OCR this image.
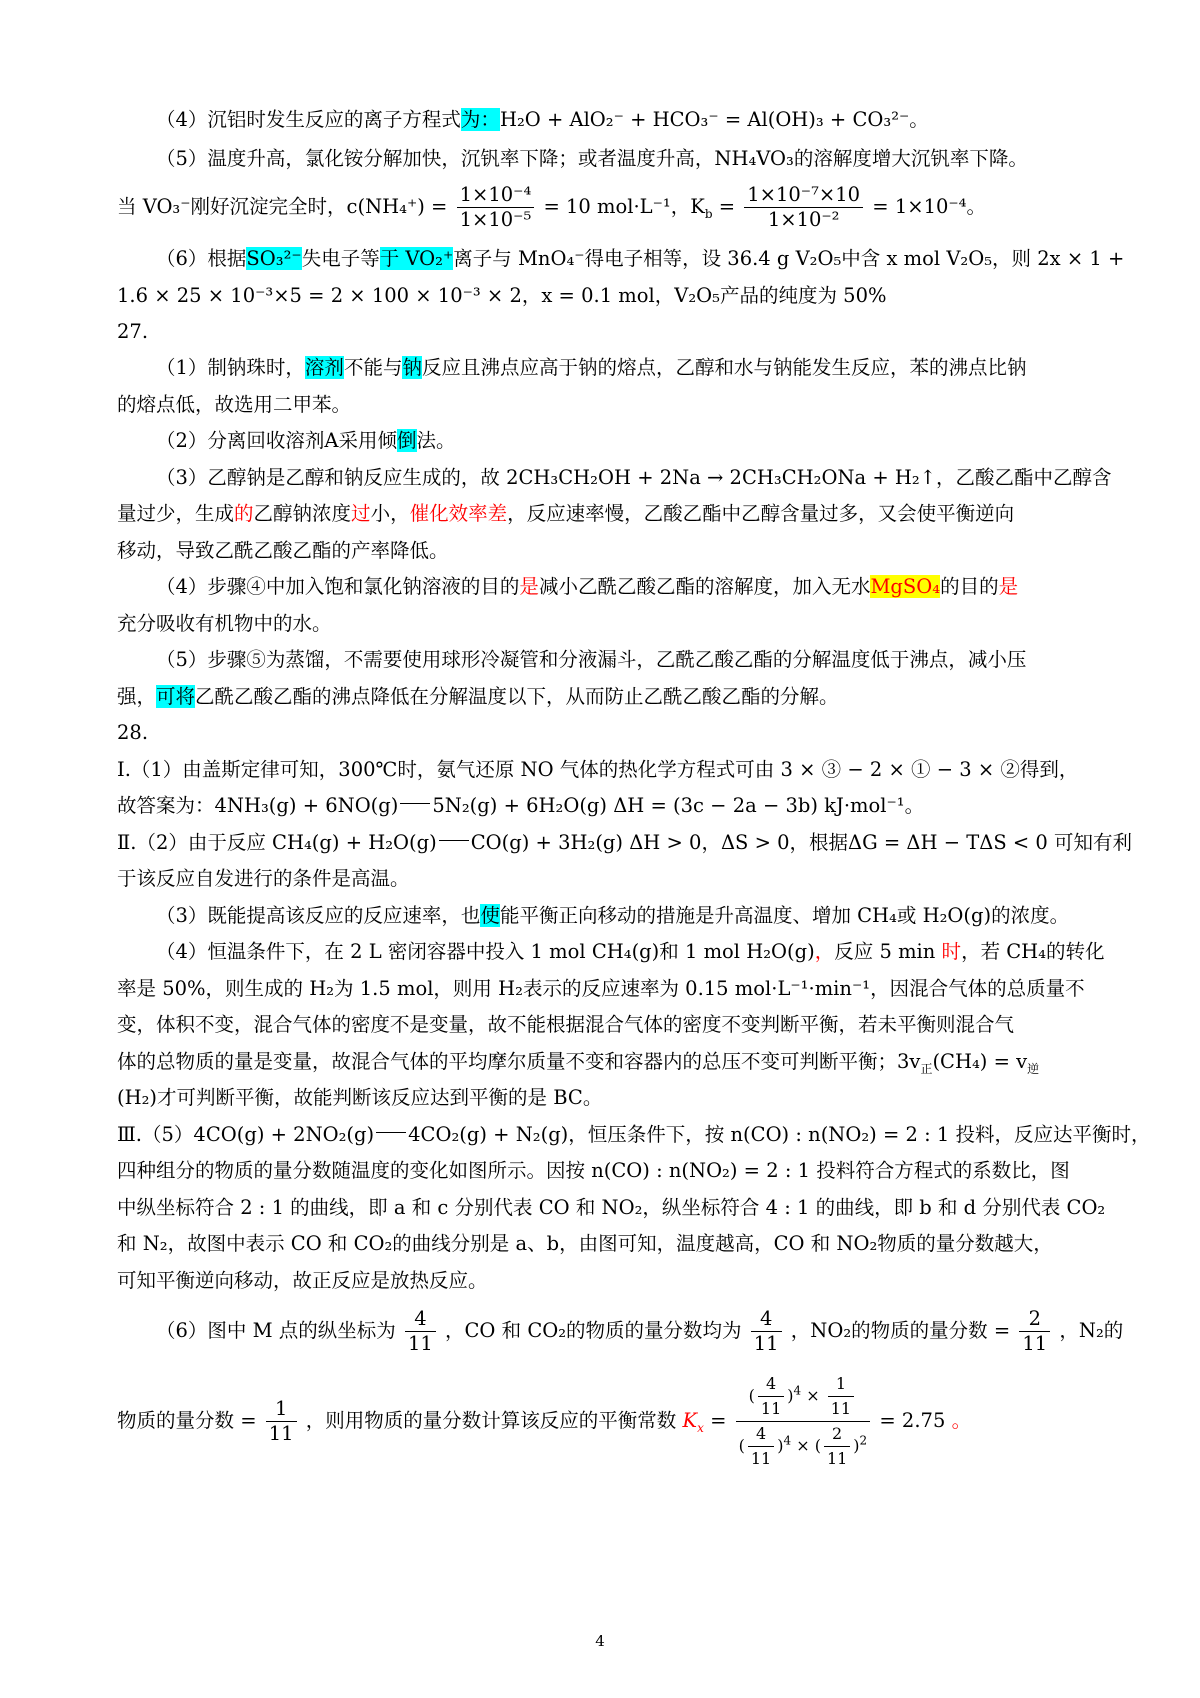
（4）沉铝时发生反应的离子方程式为：H₂O + AlO₂⁻ + HCO₃⁻ = Al(OH)₃ + CO₃²⁻。
（5）温度升高，氯化铵分解加快，沉钒率下降；或者温度升高，NH₄VO₃的溶解度增大沉钒率下降。
当 VO₃⁻刚好沉淀完全时，$c(NH_4^+) = \frac{\text{1×10⁻⁴}}{\text{1×10⁻⁵}} = 10$ mol·L⁻¹，$K_b = \frac{\text{1×10⁻⁷×10}}{\text{1×10⁻²}} = 1\times 10^{-4}$。
（6）根据SO₃²⁻失电子等于 VO₂⁺离子与 MnO₄⁻得电子相等，设 36.4 g V₂O₅中含 x mol V₂O₅，则 2x × 1 +
1.6 × 25 × 10⁻³×5 = 2 × 100 × 10⁻³ × 2，x = 0.1 mol，V₂O₅产品的纯度为 50%
27.
（1）制钠珠时，溶剂不能与钠反应且沸点应高于钠的熔点，乙醇和水与钠能发生反应，苯的沸点比钠
的熔点低，故选用二甲苯。
（2）分离回收溶剂A采用倾倒法。
（3）乙醇钠是乙醇和钠反应生成的，故 2CH₃CH₂OH + 2Na → 2CH₃CH₂ONa + H₂↑，乙酸乙酯中乙醇含
量过少，生成的乙醇钠浓度过小，催化效率差，反应速率慢，乙酸乙酯中乙醇含量过多，又会使平衡逆向
移动，导致乙酰乙酸乙酯的产率降低。
（4）步骤④中加入饱和氯化钠溶液的目的是减小乙酰乙酸乙酯的溶解度，加入无水MgSO₄的目的是
充分吸收有机物中的水。
（5）步骤⑤为蒸馏，不需要使用球形冷凝管和分液漏斗，乙酰乙酸乙酯的分解温度低于沸点，减小压
强，可将乙酰乙酸乙酯的沸点降低在分解温度以下，从而防止乙酰乙酸乙酯的分解。
28.
Ⅰ.（1）由盖斯定律可知，300℃时，氨气还原 NO 气体的热化学方程式可由 3 × ③ − 2 × ① − 3 × ②得到，
故答案为：4NH₃(g) + 6NO(g) 5N₂(g) + 6H₂O(g) ΔH = (3c − 2a − 3b) kJ·mol⁻¹。
Ⅱ.（2）由于反应 CH₄(g) + H₂O(g) CO(g) + 3H₂(g) ΔH > 0，ΔS > 0，根据ΔG = ΔH − TΔS < 0 可知有利
于该反应自发进行的条件是高温。
（3）既能提高该反应的反应速率，也使能平衡正向移动的措施是升高温度、增加 CH₄或 H₂O(g)的浓度。
（4）恒温条件下，在 2 L 密闭容器中投入 1 mol CH₄(g)和 1 mol H₂O(g)，反应 5 min 时，若 CH₄的转化
率是 50%，则生成的 H₂为 1.5 mol，则用 H₂表示的反应速率为 0.15 mol·L⁻¹·min⁻¹，因混合气体的总质量不
变，体积不变，混合气体的密度不是变量，故不能根据混合气体的密度不变判断平衡，若未平衡则混合气
体的总物质的量是变量，故混合气体的平均摩尔质量不变和容器内的总压不变可判断平衡；$3v_正(CH_4) = v_逆$
(H₂)才可判断平衡，故能判断该反应达到平衡的是 BC。
Ⅲ.（5）4CO(g) + 2NO₂(g) 4CO₂(g) + N₂(g)，恒压条件下，按 n(CO) : n(NO₂) = 2 : 1 投料，反应达平衡时，
四种组分的物质的量分数随温度的变化如图所示。因按 n(CO) : n(NO₂) = 2 : 1 投料符合方程式的系数比，图
中纵坐标符合 2 : 1 的曲线，即 a 和 c 分别代表 CO 和 NO₂，纵坐标符合 4 : 1 的曲线，即 b 和 d 分别代表 CO₂
和 N₂，故图中表示 CO 和 CO₂的曲线分别是 a、b，由图可知，温度越高，CO 和 NO₂物质的量分数越大，
可知平衡逆向移动，故正反应是放热反应。
（6）图中 M 点的纵坐标为 $\frac{4}{11}$ ，CO 和 CO₂的物质的量分数均为 $\frac{4}{11}$ ，NO₂的物质的量分数 = $\frac{2}{11}$ ，N₂的
物质的量分数 = $\frac{1}{11}$ ，则用物质的量分数计算该反应的平衡常数 $K_x = \frac{( \frac{4}{11} )^4 \times \frac{1}{11}}{( \frac{4}{11} )^4 \times ( \frac{2}{11} )^2} = 2.75$ 。
4
